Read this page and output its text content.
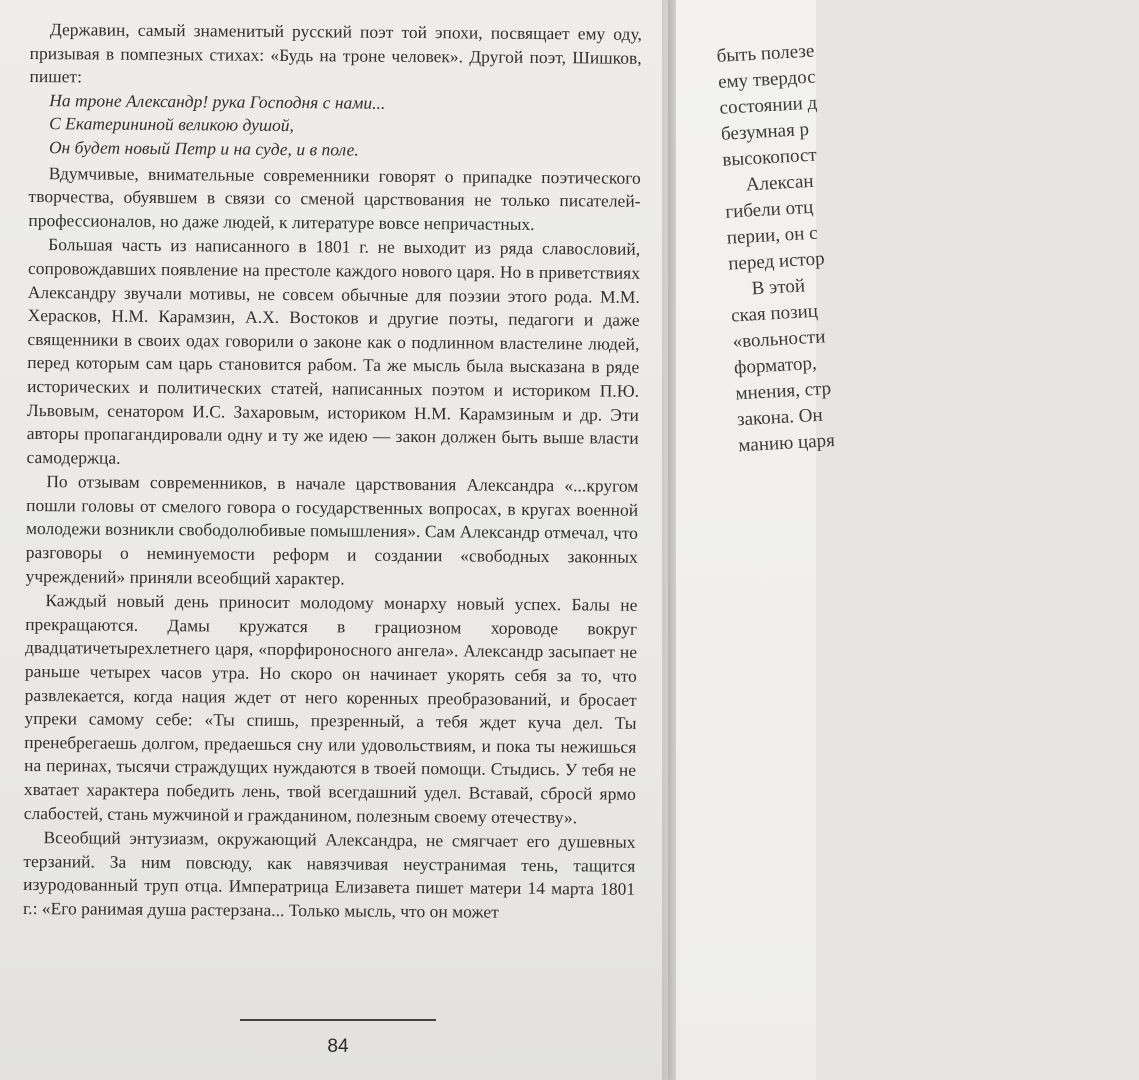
Державин, самый знаменитый русский поэт той эпохи, посвящает ему оду, призывая в помпезных стихах: «Будь на троне человек». Другой поэт, Шишков, пишет:

На троне Александр! рука Господня с нами...
С Екатерининой великою душой,
Он будет новый Петр и на суде, и в поле.

Вдумчивые, внимательные современники говорят о припадке поэтического творчества, обуявшем в связи со сменой царствования не только писателей-профессионалов, но даже людей, к литературе вовсе непричастных.

Большая часть из написанного в 1801 г. не выходит из ряда славословий, сопровождавших появление на престоле каждого нового царя. Но в приветствиях Александру звучали мотивы, не совсем обычные для поэзии этого рода. М.М. Херасков, Н.М. Карамзин, А.Х. Востоков и другие поэты, педагоги и даже священники в своих одах говорили о законе как о подлинном властелине людей, перед которым сам царь становится рабом. Та же мысль была высказана в ряде исторических и политических статей, написанных поэтом и историком П.Ю. Львовым, сенатором И.С. Захаровым, историком Н.М. Карамзиным и др. Эти авторы пропагандировали одну и ту же идею — закон должен быть выше власти самодержца.

По отзывам современников, в начале царствования Александра «...кругом пошли головы от смелого говора о государственных вопросах, в кругах военной молодежи возникли свободолюбивые помышления». Сам Александр отмечал, что разговоры о неминуемости реформ и создании «свободных законных учреждений» приняли всеобщий характер.

Каждый новый день приносит молодому монарху новый успех. Балы не прекращаются. Дамы кружатся в грациозном хороводе вокруг двадцатичетырехлетнего царя, «порфироносного ангела». Александр засыпает не раньше четырех часов утра. Но скоро он начинает укорять себя за то, что развлекается, когда нация ждет от него коренных преобразований, и бросает упреки самому себе: «Ты спишь, презренный, а тебя ждет куча дел. Ты пренебрегаешь долгом, предаешься сну или удовольствиям, и пока ты нежишься на перинах, тысячи страждущих нуждаются в твоей помощи. Стыдись. У тебя не хватает характера победить лень, твой всегдашний удел. Вставай, сбросй ярмо слабостей, стань мужчиной и гражданином, полезным своему отечеству».

Всеобщий энтузиазм, окружающий Александра, не смягчает его душевных терзаний. За ним повсюду, как навязчивая неустранимая тень, тащится изуродованный труп отца. Императрица Елизавета пишет матери 14 марта 1801 г.: «Его ранимая душа растерзана... Только мысль, что он может

84
быть полезе
ему твердос
состоянии д
безумная р
высокопост
Алексан
гибели отц
перии, он с
перед истор
В этой
ская позиц
«вольности
форматор,
мнения, стр
закона. Он
манию царя
